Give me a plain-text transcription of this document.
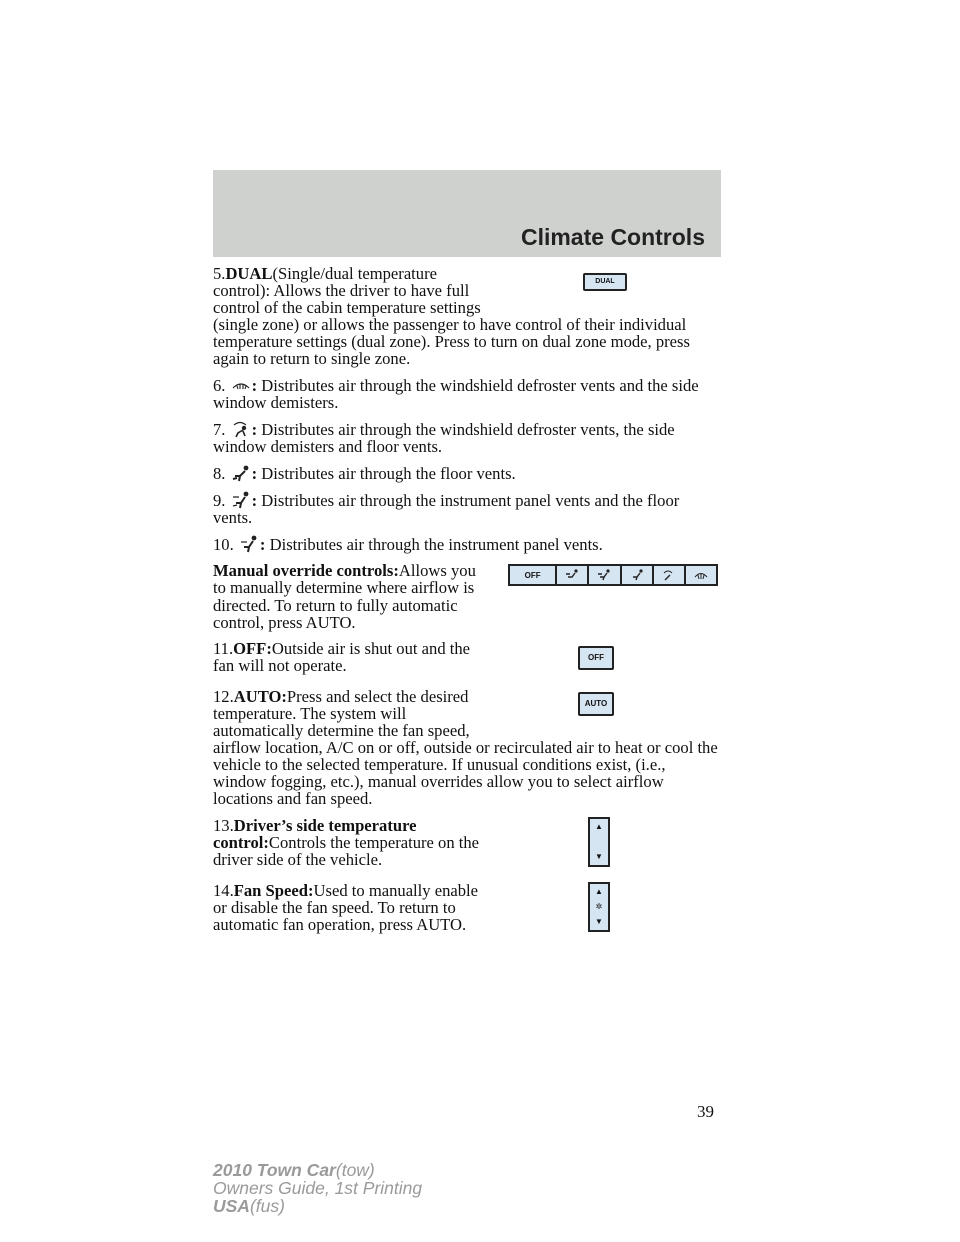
Climate Controls
DUAL

5.DUAL(Single/dual temperature control): Allows the driver to have full control of the cabin temperature settings (single zone) or allows the passenger to have control of their individual temperature settings (dual zone). Press to turn on dual zone mode, press again to return to single zone.

6. : Distributes air through the windshield defroster vents and the side window demisters.

7. : Distributes air through the windshield defroster vents, the side window demisters and floor vents.

8. : Distributes air through the floor vents.

9. : Distributes air through the instrument panel vents and the floor vents.

10. : Distributes air through the instrument panel vents.

OFF

Manual override controls:Allows you to manually determine where airflow is directed. To return to fully automatic control, press AUTO.

OFF

11.OFF:Outside air is shut out and the fan will not operate.

AUTO

12.AUTO:Press and select the desired temperature. The system will automatically determine the fan speed, airflow location, A/C on or off, outside or recirculated air to heat or cool the vehicle to the selected temperature. If unusual conditions exist, (i.e., window fogging, etc.), manual overrides allow you to select airflow locations and fan speed.

▲
▼

13.Driver’s side temperature control:Controls the temperature on the driver side of the vehicle.

▲
✲
▼

14.Fan Speed:Used to manually enable or disable the fan speed. To return to automatic fan operation, press AUTO.

39
2010 Town Car(tow)
Owners Guide, 1st Printing
USA(fus)
